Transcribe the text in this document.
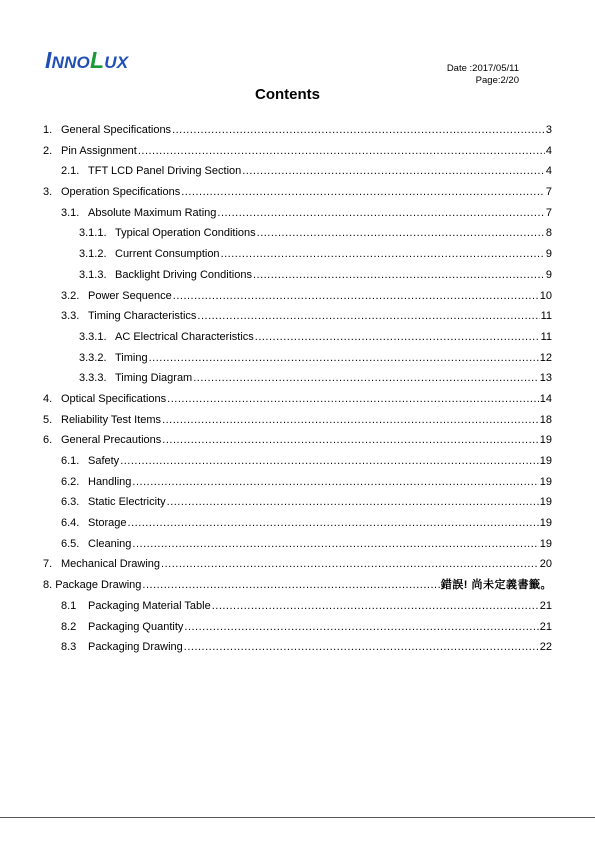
INNOLUX	Date :2017/05/11
Page:2/20
Contents
1. General Specifications .....	3
2. Pin Assignment .....	4
2.1. TFT LCD Panel Driving Section .....	4
3. Operation Specifications .....	7
3.1. Absolute Maximum Rating .....	7
3.1.1. Typical Operation Conditions .....	8
3.1.2. Current Consumption .....	9
3.1.3. Backlight Driving Conditions .....	9
3.2. Power Sequence .....	10
3.3. Timing Characteristics .....	11
3.3.1. AC Electrical Characteristics .....	11
3.3.2. Timing .....	12
3.3.3. Timing Diagram .....	13
4. Optical Specifications .....	14
5. Reliability Test Items .....	18
6. General Precautions .....	19
6.1. Safety .....	19
6.2. Handling .....	19
6.3. Static Electricity .....	19
6.4. Storage .....	19
6.5. Cleaning .....	19
7. Mechanical Drawing .....	20
8. Package Drawing .....	錯誤! 尚未定義書籤。
8.1	Packaging Material Table .....	21
8.2	Packaging Quantity .....	21
8.3	Packaging Drawing .....	22
